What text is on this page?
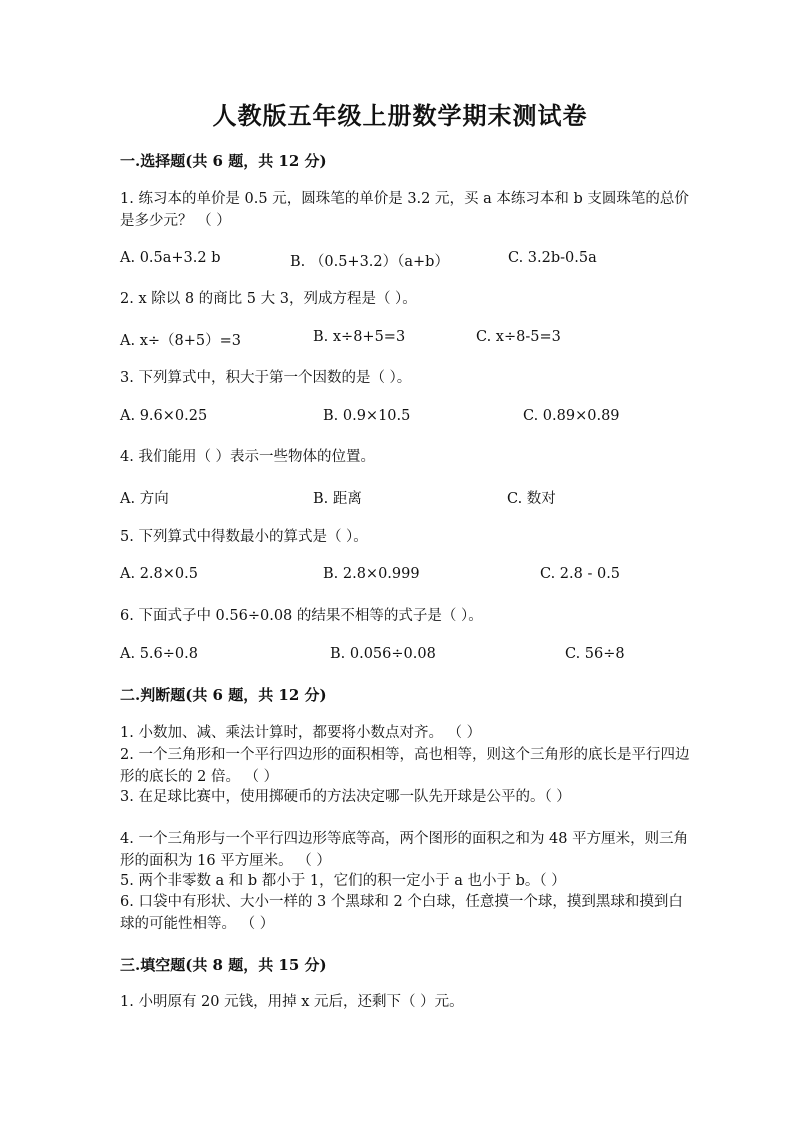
人教版五年级上册数学期末测试卷
一.选择题(共 6 题，共 12 分)
1. 练习本的单价是 0.5 元，圆珠笔的单价是 3.2 元，买 a 本练习本和 b 支圆珠笔的总价是多少元？ （ ）
A. 0.5a+3.2 b	B. （0.5+3.2）（a+b）	C. 3.2b-0.5a
2. x 除以 8 的商比 5 大 3，列成方程是（ ）。
A. x÷（8+5）=3	B. x÷8+5=3	C. x÷8-5=3
3. 下列算式中，积大于第一个因数的是（ ）。
A. 9.6×0.25	B. 0.9×10.5	C. 0.89×0.89
4. 我们能用（ ）表示一些物体的位置。
A. 方向	B. 距离	C. 数对
5. 下列算式中得数最小的算式是（ ）。
A. 2.8×0.5	B. 2.8×0.999	C. 2.8 - 0.5
6. 下面式子中 0.56÷0.08 的结果不相等的式子是（ ）。
A. 5.6÷0.8	B. 0.056÷0.08	C. 56÷8
二.判断题(共 6 题，共 12 分)
1. 小数加、减、乘法计算时，都要将小数点对齐。 （ ）
2. 一个三角形和一个平行四边形的面积相等，高也相等，则这个三角形的底长是平行四边形的底长的 2 倍。 （ ）
3. 在足球比赛中，使用掷硬币的方法决定哪一队先开球是公平的。（ ）
4. 一个三角形与一个平行四边形等底等高，两个图形的面积之和为 48 平方厘米，则三角形的面积为 16 平方厘米。 （ ）
5. 两个非零数 a 和 b 都小于 1，它们的积一定小于 a 也小于 b。（ ）
6. 口袋中有形状、大小一样的 3 个黑球和 2 个白球，任意摸一个球，摸到黑球和摸到白球的可能性相等。 （ ）
三.填空题(共 8 题，共 15 分)
1. 小明原有 20 元钱，用掉 x 元后，还剩下（ ）元。
